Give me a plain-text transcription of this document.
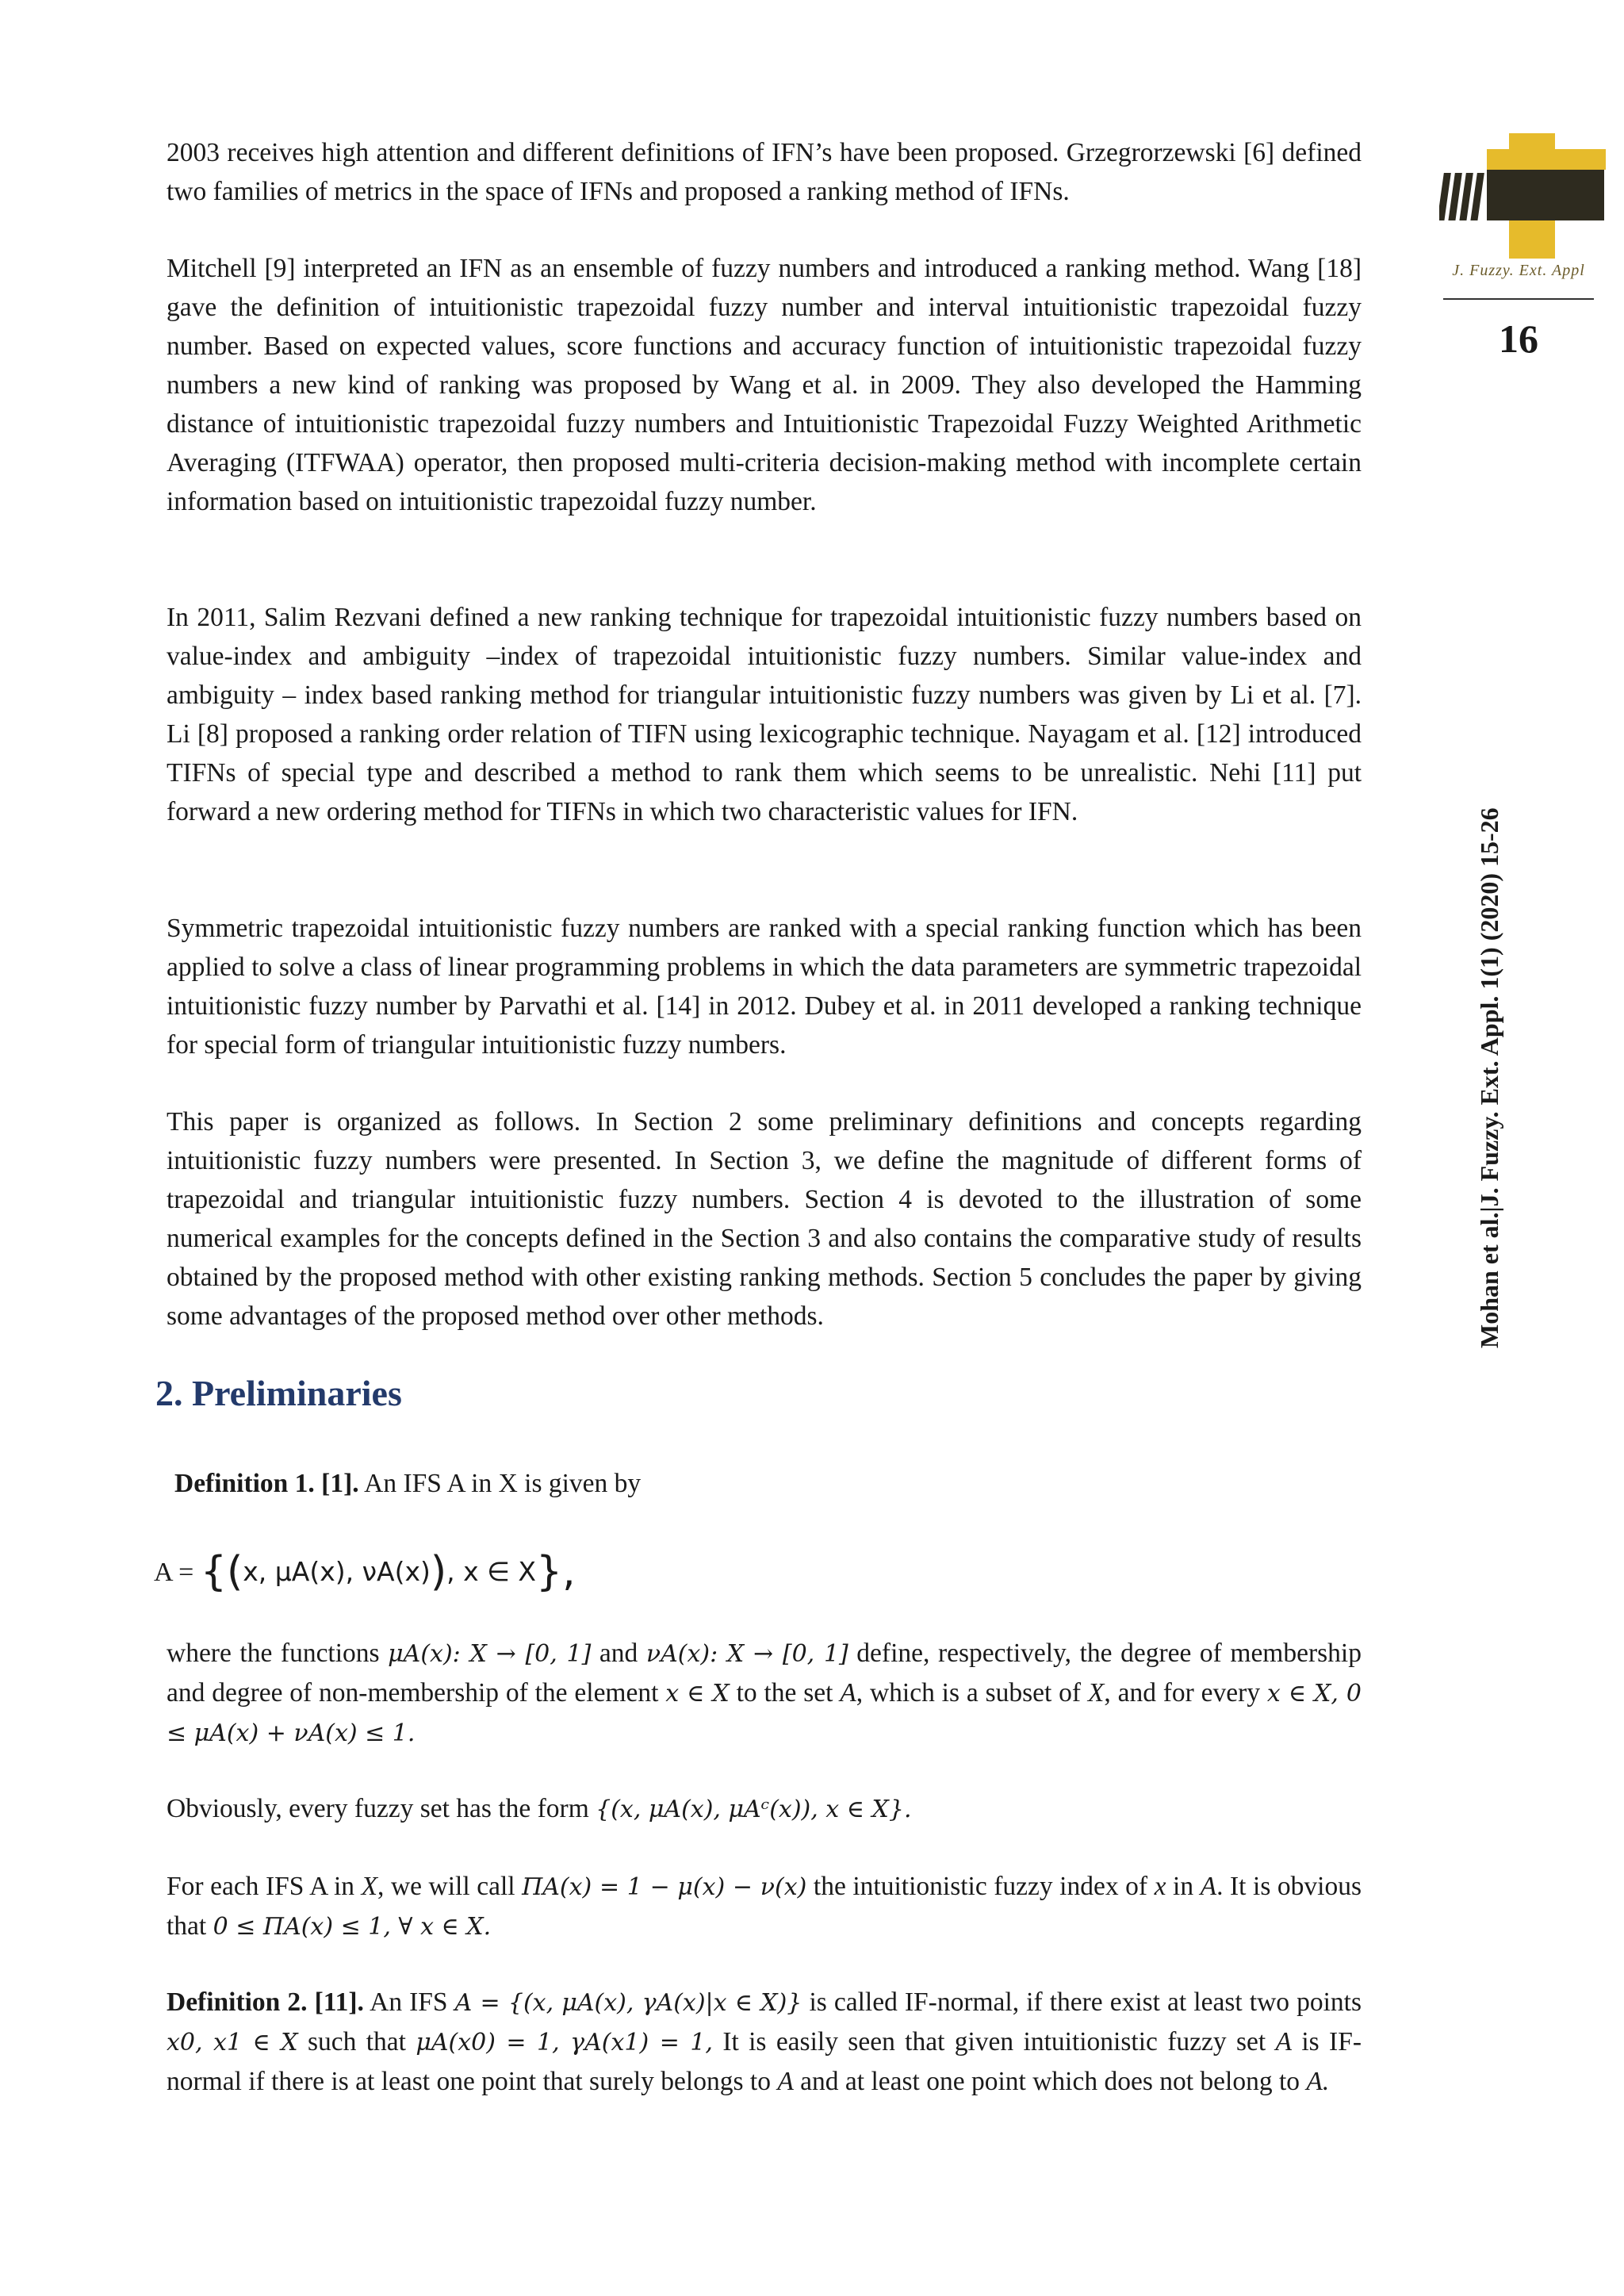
J. Fuzzy. Ext. Appl
16
Mohan et al.|J. Fuzzy. Ext. Appl. 1(1) (2020) 15-26

2003 receives high attention and different definitions of IFN’s have been proposed. Grzegrorzewski [6] defined two families of metrics in the space of IFNs and proposed a ranking method of IFNs.

Mitchell [9] interpreted an IFN as an ensemble of fuzzy numbers and introduced a ranking method. Wang [18] gave the definition of intuitionistic trapezoidal fuzzy number and interval intuitionistic trapezoidal fuzzy number. Based on expected values, score functions and accuracy function of intuitionistic trapezoidal fuzzy numbers a new kind of ranking was proposed by Wang et al. in 2009. They also developed the Hamming distance of intuitionistic trapezoidal fuzzy numbers and Intuitionistic Trapezoidal Fuzzy Weighted Arithmetic Averaging (ITFWAA) operator, then proposed multi-criteria decision-making method with incomplete certain information based on intuitionistic trapezoidal fuzzy number.

In 2011, Salim Rezvani defined a new ranking technique for trapezoidal intuitionistic fuzzy numbers based on value-index and ambiguity –index of trapezoidal intuitionistic fuzzy numbers. Similar value-index and ambiguity – index based ranking method for triangular intuitionistic fuzzy numbers was given by Li et al. [7]. Li [8] proposed a ranking order relation of TIFN using lexicographic technique. Nayagam et al. [12] introduced TIFNs of special type and described a method to rank them which seems to be unrealistic. Nehi [11] put forward a new ordering method for TIFNs in which two characteristic values for IFN.

Symmetric trapezoidal intuitionistic fuzzy numbers are ranked with a special ranking function which has been applied to solve a class of linear programming problems in which the data parameters are symmetric trapezoidal intuitionistic fuzzy number by Parvathi et al. [14] in 2012. Dubey et al. in 2011 developed a ranking technique for special form of triangular intuitionistic fuzzy numbers.

This paper is organized as follows. In Section 2 some preliminary definitions and concepts regarding intuitionistic fuzzy numbers were presented. In Section 3, we define the magnitude of different forms of trapezoidal and triangular intuitionistic fuzzy numbers. Section 4 is devoted to the illustration of some numerical examples for the concepts defined in the Section 3 and also contains the comparative study of results obtained by the proposed method with other existing ranking methods. Section 5 concludes the paper by giving some advantages of the proposed method over other methods.

2. Preliminaries

Definition 1. [1]. An IFS A in X is given by

A = {(x, μA(x), νA(x)), x ∈ X},

where the functions μA(x): X → [0, 1] and νA(x): X → [0, 1] define, respectively, the degree of membership and degree of non-membership of the element x ∈ X to the set A, which is a subset of X, and for every x ∈ X, 0 ≤ μA(x) + νA(x) ≤ 1.

Obviously, every fuzzy set has the form {(x, μA(x), μAᶜ(x)), x ∈ X}.

For each IFS A in X, we will call ΠA(x) = 1 − μ(x) − ν(x) the intuitionistic fuzzy index of x in A. It is obvious that 0 ≤ ΠA(x) ≤ 1, ∀ x ∈ X.

Definition 2. [11]. An IFS A = {(x, μA(x), γA(x)|x ∈ X)} is called IF-normal, if there exist at least two points x0, x1 ∈ X such that μA(x0) = 1, γA(x1) = 1, It is easily seen that given intuitionistic fuzzy set A is IF-normal if there is at least one point that surely belongs to A and at least one point which does not belong to A.
